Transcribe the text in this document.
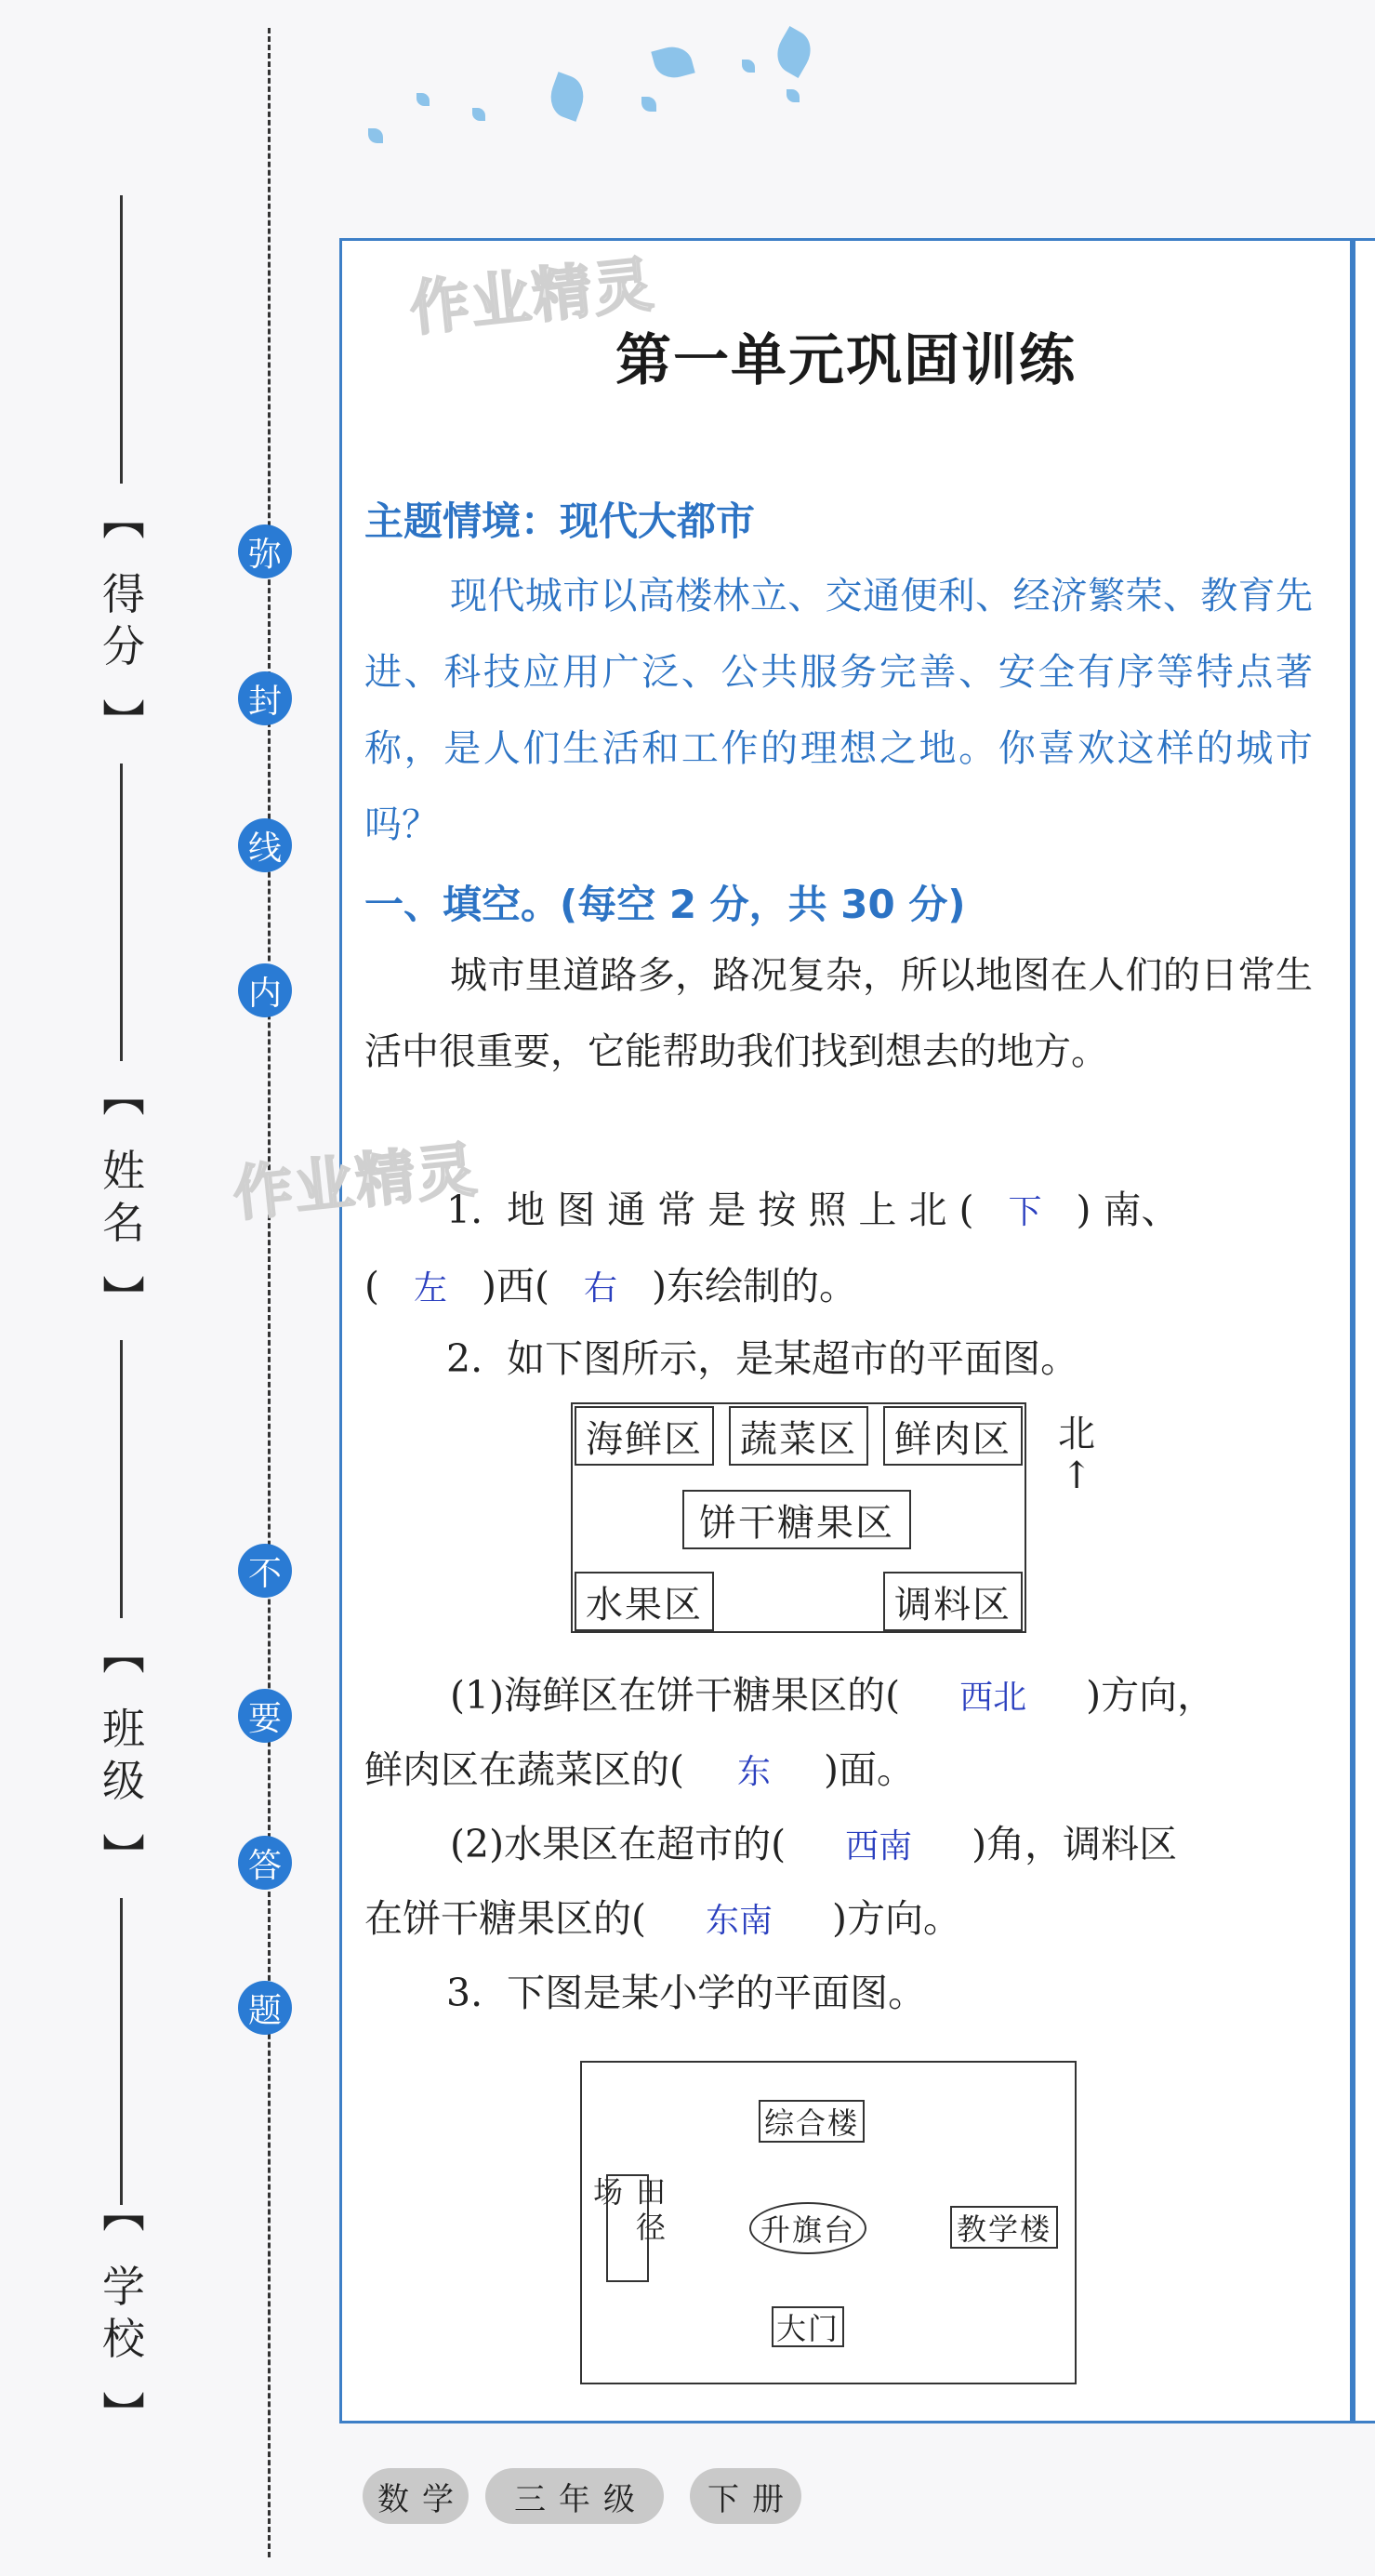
【 得分 】
【 姓名 】
【 班级 】
【 学校 】
弥
封
线
内
不
要
答
题
作业精灵
作业精灵
第一单元巩固训练
主题情境：现代大都市
现代城市以高楼林立、交通便利、经济繁荣、教育先进、科技应用广泛、公共服务完善、安全有序等特点著称，是人们生活和工作的理想之地。你喜欢这样的城市吗？
一、填空。(每空 2 分，共 30 分)
城市里道路多，路况复杂，所以地图在人们的日常生活中很重要，它能帮助我们找到想去的地方。
1.  地 图 通 常 是 按 照 上 北 ( 下 ) 南、
( 左 )西( 右 )东绘制的。
2.  如下图所示，是某超市的平面图。
海鲜区	蔬菜区	鲜肉区
饼干糖果区
水果区	调料区
北
↑
(1)海鲜区在饼干糖果区的( 西北 )方向，
鲜肉区在蔬菜区的( 东 )面。
(2)水果区在超市的( 西南 )角，调料区
在饼干糖果区的( 东南 )方向。
3.  下图是某小学的平面图。
综合楼
田径场
升旗台	教学楼
大门
数学	三年级	下册
